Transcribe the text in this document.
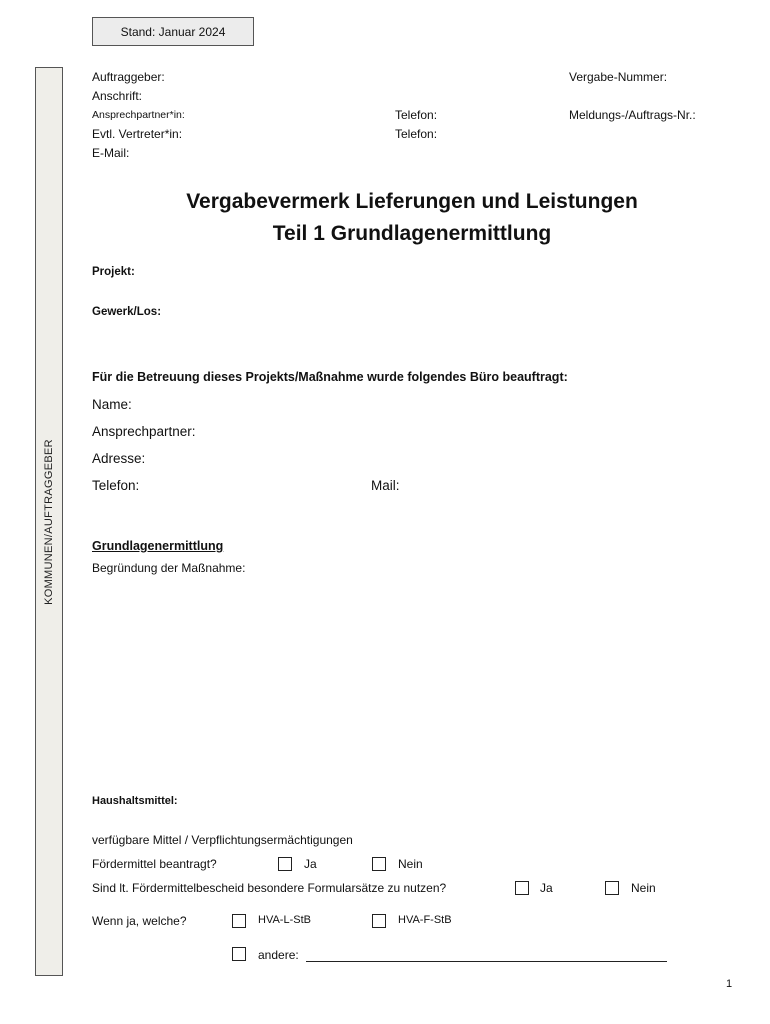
Stand: Januar 2024
KOMMUNEN/AUFTRAGGEBER
Auftraggeber:
Anschrift:
Ansprechpartner*in:
Evtl. Vertreter*in:
E-Mail:
Telefon:
Telefon:
Vergabe-Nummer:
Meldungs-/Auftrags-Nr.:
Vergabevermerk Lieferungen und Leistungen
Teil 1 Grundlagenermittlung
Projekt:
Gewerk/Los:
Für die Betreuung dieses Projekts/Maßnahme wurde folgendes Büro beauftragt:
Name:
Ansprechpartner:
Adresse:
Telefon:	Mail:
Grundlagenermittlung
Begründung der Maßnahme:
Haushaltsmittel:
verfügbare Mittel / Verpflichtungsermächtigungen
Fördermittel beantragt?	Ja	Nein
Sind lt. Fördermittelbescheid besondere Formularsätze zu nutzen?	Ja	Nein
Wenn ja, welche?	HVA-L-StB	HVA-F-StB
andere:
1
